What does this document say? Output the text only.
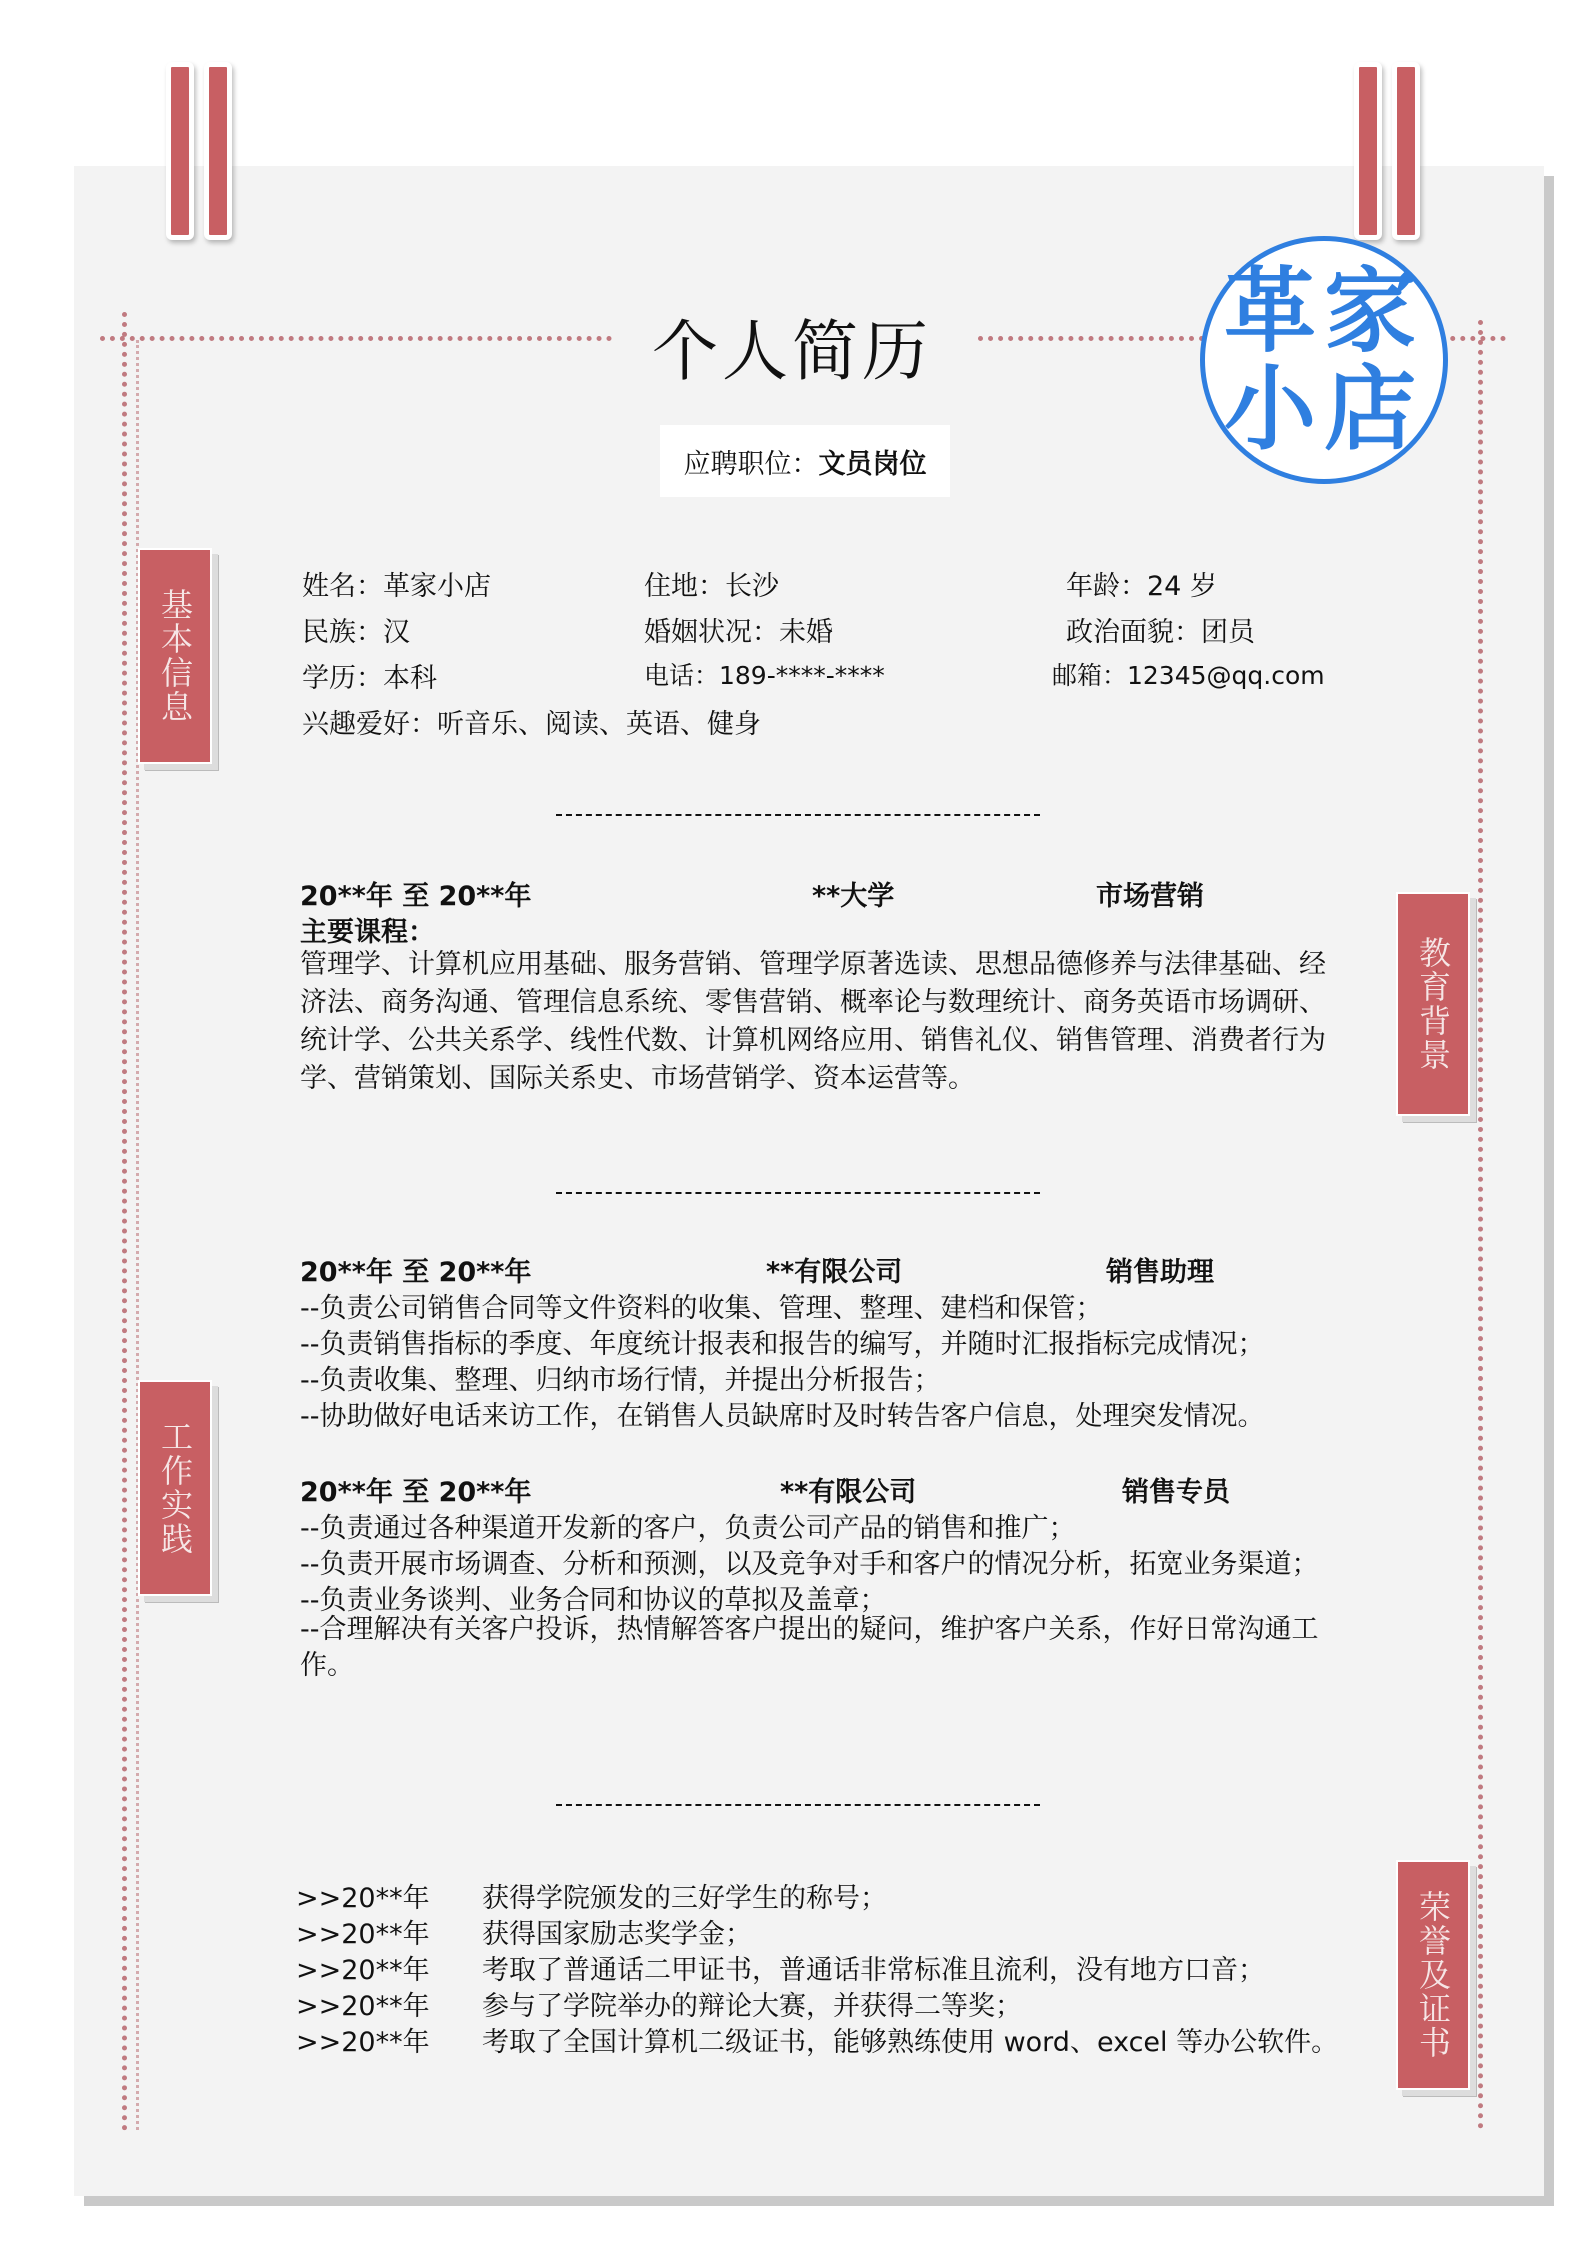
个人简历
应聘职位： 文员岗位
革家
小店
基本信息
教育背景
工作实践
荣誉及证书
姓名：革家小店	住地：长沙	年龄：24 岁
民族：汉	婚姻状况：未婚	政治面貌：团员
学历：本科	电话：189-****-****	邮箱：12345@qq.com
兴趣爱好：听音乐、阅读、英语、健身
20**年 至 20**年	**大学	市场营销
主要课程：
管理学、计算机应用基础、服务营销、管理学原著选读、思想品德修养与法律基础、经济法、商务沟通、管理信息系统、零售营销、概率论与数理统计、商务英语市场调研、统计学、公共关系学、线性代数、计算机网络应用、销售礼仪、销售管理、消费者行为学、营销策划、国际关系史、市场营销学、资本运营等。
20**年 至 20**年	**有限公司	销售助理
--负责公司销售合同等文件资料的收集、管理、整理、建档和保管；
--负责销售指标的季度、年度统计报表和报告的编写，并随时汇报指标完成情况；
--负责收集、整理、归纳市场行情，并提出分析报告；
--协助做好电话来访工作，在销售人员缺席时及时转告客户信息，处理突发情况。
20**年 至 20**年	**有限公司	销售专员
--负责通过各种渠道开发新的客户，负责公司产品的销售和推广；
--负责开展市场调查、分析和预测，以及竞争对手和客户的情况分析，拓宽业务渠道；
--负责业务谈判、业务合同和协议的草拟及盖章；
--合理解决有关客户投诉，热情解答客户提出的疑问，维护客户关系，作好日常沟通工作。
>>20**年 获得学院颁发的三好学生的称号；
>>20**年 获得国家励志奖学金；
>>20**年 考取了普通话二甲证书，普通话非常标准且流利，没有地方口音；
>>20**年 参与了学院举办的辩论大赛，并获得二等奖；
>>20**年 考取了全国计算机二级证书，能够熟练使用 word、excel 等办公软件。
